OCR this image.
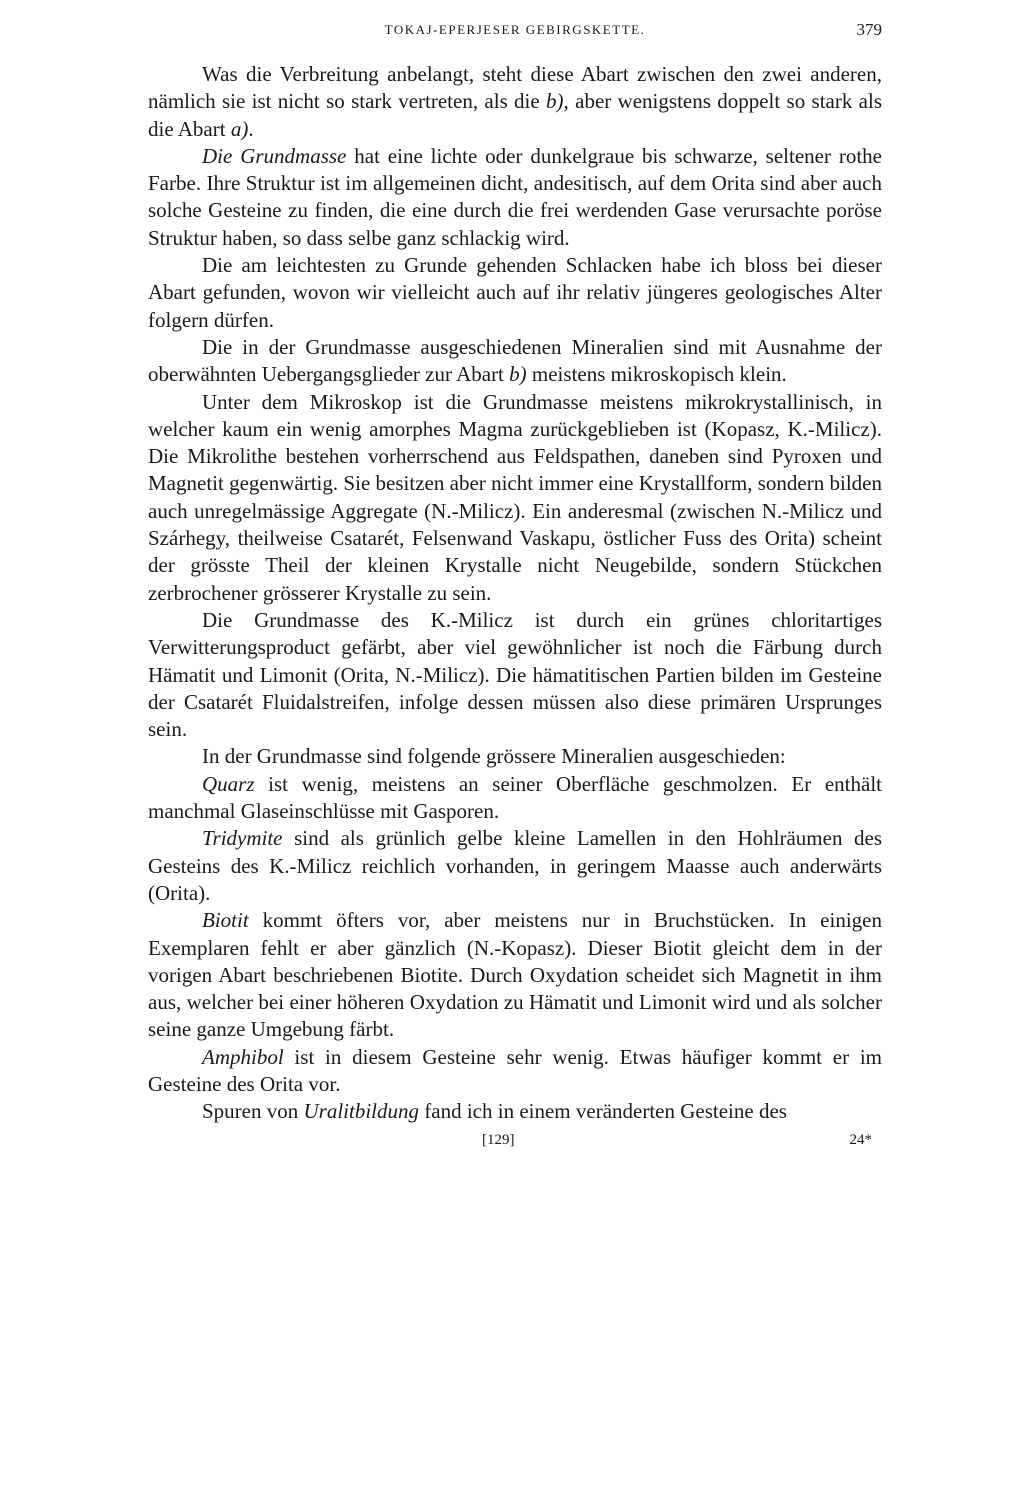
TOKAJ-EPERJESER GEBIRGSKETTE.	379

Was die Verbreitung anbelangt, steht diese Abart zwischen den zwei anderen, nämlich sie ist nicht so stark vertreten, als die b), aber wenigstens doppelt so stark als die Abart a).

Die Grundmasse hat eine lichte oder dunkelgraue bis schwarze, seltener rothe Farbe. Ihre Struktur ist im allgemeinen dicht, andesitisch, auf dem Orita sind aber auch solche Gesteine zu finden, die eine durch die frei werdenden Gase verursachte poröse Struktur haben, so dass selbe ganz schlackig wird.

Die am leichtesten zu Grunde gehenden Schlacken habe ich bloss bei dieser Abart gefunden, wovon wir vielleicht auch auf ihr relativ jüngeres geologisches Alter folgern dürfen.

Die in der Grundmasse ausgeschiedenen Mineralien sind mit Ausnahme der oberwähnten Uebergangsglieder zur Abart b) meistens mikroskopisch klein.

Unter dem Mikroskop ist die Grundmasse meistens mikrokrystallinisch, in welcher kaum ein wenig amorphes Magma zurückgeblieben ist (Kopasz, K.-Milicz). Die Mikrolithe bestehen vorherrschend aus Feldspathen, daneben sind Pyroxen und Magnetit gegenwärtig. Sie besitzen aber nicht immer eine Krystallform, sondern bilden auch unregelmässige Aggregate (N.-Milicz). Ein anderesmal (zwischen N.-Milicz und Szárhegy, theilweise Csatarét, Felsenwand Vaskapu, östlicher Fuss des Orita) scheint der grösste Theil der kleinen Krystalle nicht Neugebilde, sondern Stückchen zerbrochener grösserer Krystalle zu sein.

Die Grundmasse des K.-Milicz ist durch ein grünes chloritartiges Verwitterungsproduct gefärbt, aber viel gewöhnlicher ist noch die Färbung durch Hämatit und Limonit (Orita, N.-Milicz). Die hämatitischen Partien bilden im Gesteine der Csatarét Fluidalstreifen, infolge dessen müssen also diese primären Ursprunges sein.

In der Grundmasse sind folgende grössere Mineralien ausgeschieden:

Quarz ist wenig, meistens an seiner Oberfläche geschmolzen. Er enthält manchmal Glaseinschlüsse mit Gasporen.

Tridymite sind als grünlich gelbe kleine Lamellen in den Hohlräumen des Gesteins des K.-Milicz reichlich vorhanden, in geringem Maasse auch anderwärts (Orita).

Biotit kommt öfters vor, aber meistens nur in Bruchstücken. In einigen Exemplaren fehlt er aber gänzlich (N.-Kopasz). Dieser Biotit gleicht dem in der vorigen Abart beschriebenen Biotite. Durch Oxydation scheidet sich Magnetit in ihm aus, welcher bei einer höheren Oxydation zu Hämatit und Limonit wird und als solcher seine ganze Umgebung färbt.

Amphibol ist in diesem Gesteine sehr wenig. Etwas häufiger kommt er im Gesteine des Orita vor.

Spuren von Uralitbildung fand ich in einem veränderten Gesteine des

[129]	24*
